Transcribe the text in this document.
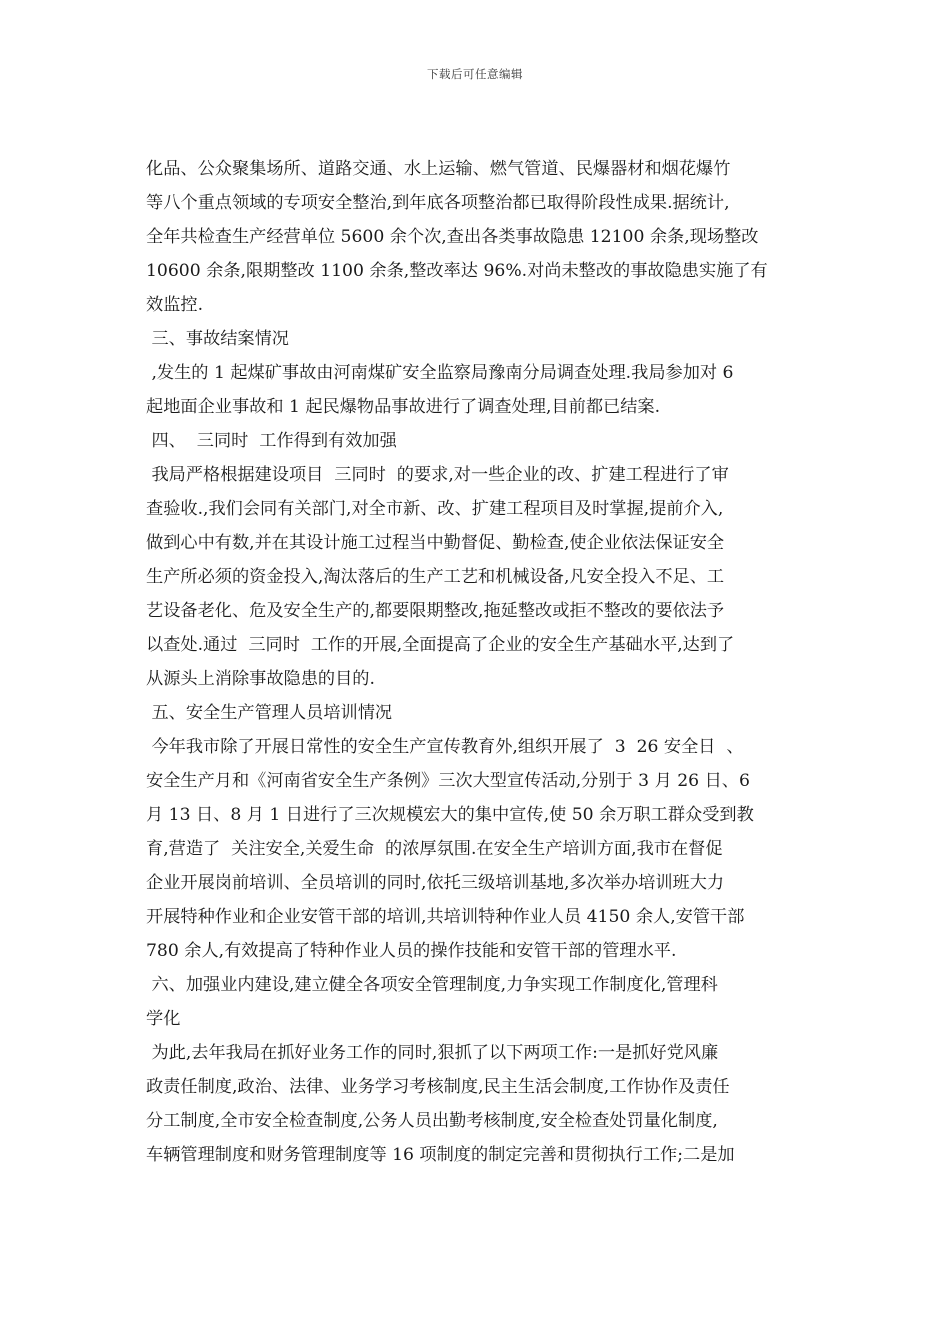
下载后可任意编辑
化品、公众聚集场所、道路交通、水上运输、燃气管道、民爆器材和烟花爆竹
等八个重点领域的专项安全整治,到年底各项整治都已取得阶段性成果.据统计,
全年共检查生产经营单位 5600 余个次,查出各类事故隐患 12100 余条,现场整改
10600 余条,限期整改 1100 余条,整改率达 96%.对尚未整改的事故隐患实施了有
效监控.
三、事故结案情况
,发生的 1 起煤矿事故由河南煤矿安全监察局豫南分局调查处理.我局参加对 6
起地面企业事故和 1 起民爆物品事故进行了调查处理,目前都已结案.
四、  三同时  工作得到有效加强
我局严格根据建设项目  三同时  的要求,对一些企业的改、扩建工程进行了审
查验收.,我们会同有关部门,对全市新、改、扩建工程项目及时掌握,提前介入,
做到心中有数,并在其设计施工过程当中勤督促、勤检查,使企业依法保证安全
生产所必须的资金投入,淘汰落后的生产工艺和机械设备,凡安全投入不足、工
艺设备老化、危及安全生产的,都要限期整改,拖延整改或拒不整改的要依法予
以查处.通过  三同时  工作的开展,全面提高了企业的安全生产基础水平,达到了
从源头上消除事故隐患的目的.
五、安全生产管理人员培训情况
今年我市除了开展日常性的安全生产宣传教育外,组织开展了  3  26 安全日  、
安全生产月和《河南省安全生产条例》三次大型宣传活动,分别于 3 月 26 日、6
月 13 日、8 月 1 日进行了三次规模宏大的集中宣传,使 50 余万职工群众受到教
育,营造了  关注安全,关爱生命  的浓厚氛围.在安全生产培训方面,我市在督促
企业开展岗前培训、全员培训的同时,依托三级培训基地,多次举办培训班大力
开展特种作业和企业安管干部的培训,共培训特种作业人员 4150 余人,安管干部
780 余人,有效提高了特种作业人员的操作技能和安管干部的管理水平.
六、加强业内建设,建立健全各项安全管理制度,力争实现工作制度化,管理科
学化
为此,去年我局在抓好业务工作的同时,狠抓了以下两项工作:一是抓好党风廉
政责任制度,政治、法律、业务学习考核制度,民主生活会制度,工作协作及责任
分工制度,全市安全检查制度,公务人员出勤考核制度,安全检查处罚量化制度,
车辆管理制度和财务管理制度等 16 项制度的制定完善和贯彻执行工作;二是加
